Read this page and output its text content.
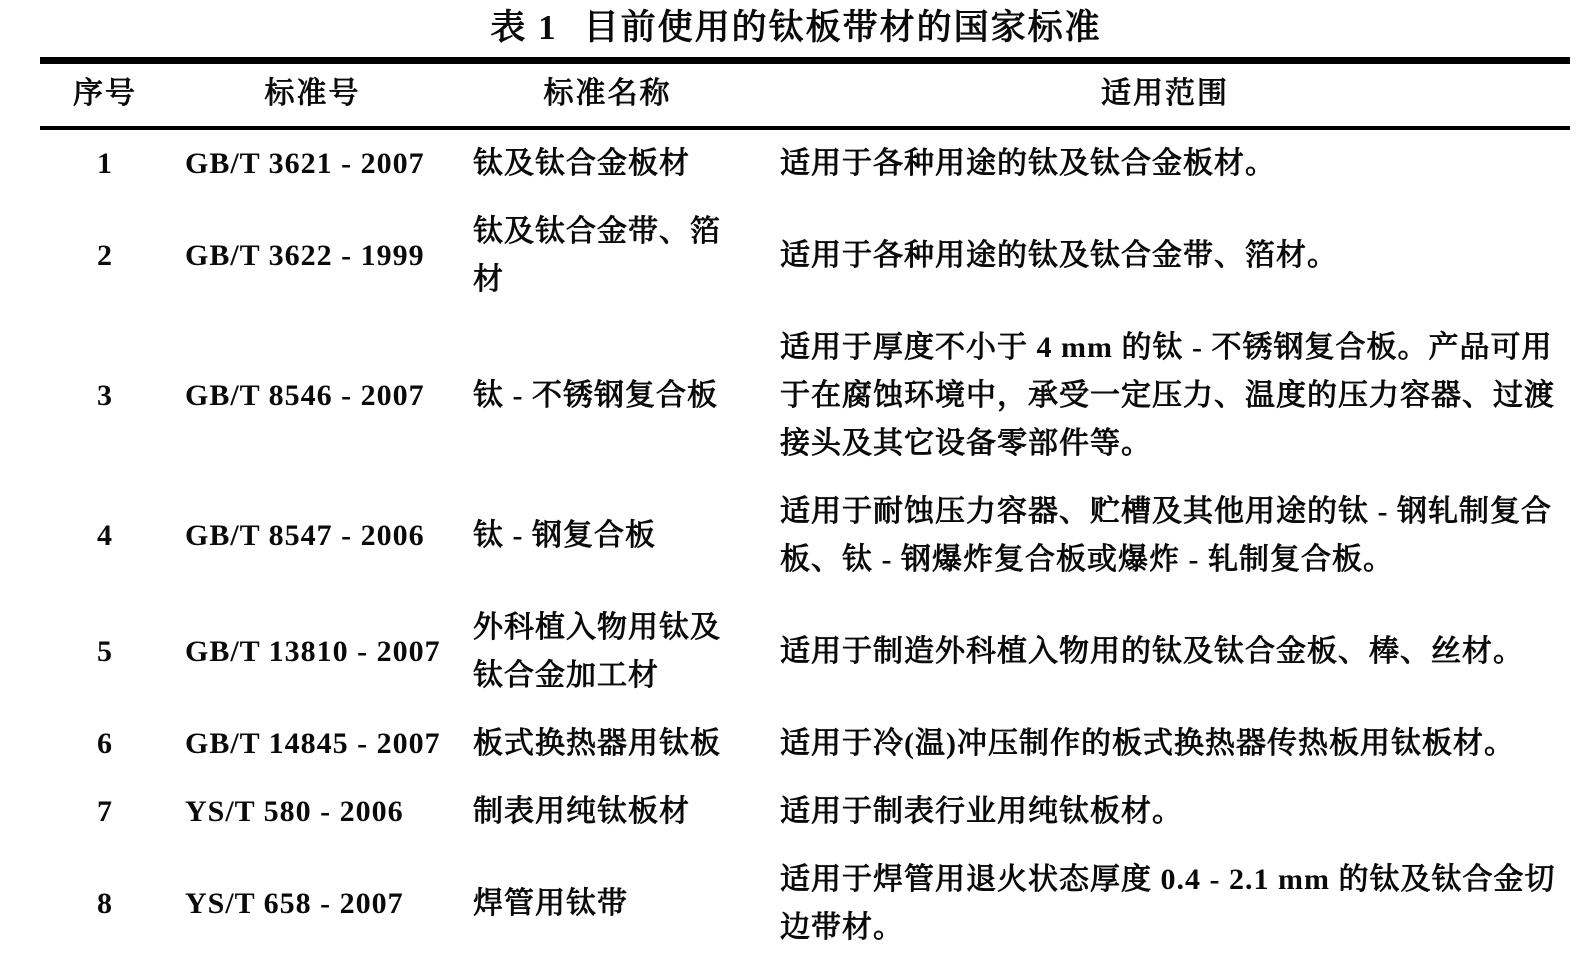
表 1 目前使用的钛板带材的国家标准
序号	标准号	标准名称	适用范围
1	GB/T 3621 - 2007	钛及钛合金板材	适用于各种用途的钛及钛合金板材。
2	GB/T 3622 - 1999	钛及钛合金带、箔材	适用于各种用途的钛及钛合金带、箔材。
3	GB/T 8546 - 2007	钛 - 不锈钢复合板	适用于厚度不小于 4 mm 的钛 - 不锈钢复合板。产品可用于在腐蚀环境中，承受一定压力、温度的压力容器、过渡接头及其它设备零部件等。
4	GB/T 8547 - 2006	钛 - 钢复合板	适用于耐蚀压力容器、贮槽及其他用途的钛 - 钢轧制复合板、钛 - 钢爆炸复合板或爆炸 - 轧制复合板。
5	GB/T 13810 - 2007	外科植入物用钛及钛合金加工材	适用于制造外科植入物用的钛及钛合金板、棒、丝材。
6	GB/T 14845 - 2007	板式换热器用钛板	适用于冷(温)冲压制作的板式换热器传热板用钛板材。
7	YS/T 580 - 2006	制表用纯钛板材	适用于制表行业用纯钛板材。
8	YS/T 658 - 2007	焊管用钛带	适用于焊管用退火状态厚度 0.4 - 2.1 mm 的钛及钛合金切边带材。
